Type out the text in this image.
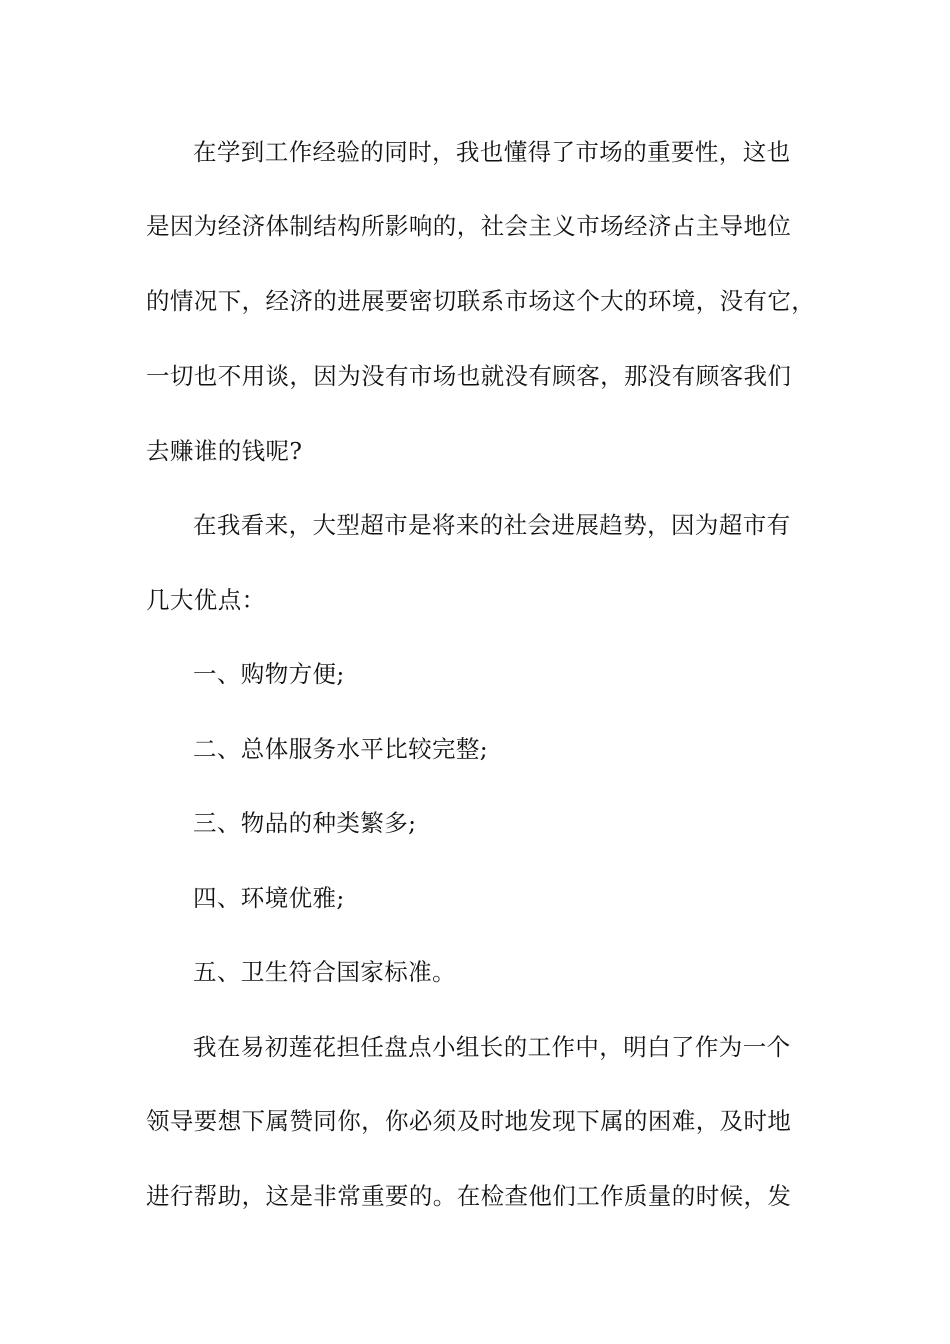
在学到工作经验的同时，我也懂得了市场的重要性，这也
是因为经济体制结构所影响的，社会主义市场经济占主导地位
的情况下，经济的进展要密切联系市场这个大的环境，没有它，
一切也不用谈，因为没有市场也就没有顾客，那没有顾客我们
去赚谁的钱呢?
在我看来，大型超市是将来的社会进展趋势，因为超市有
几大优点：
一、购物方便;
二、总体服务水平比较完整;
三、物品的种类繁多;
四、环境优雅;
五、卫生符合国家标准。
我在易初莲花担任盘点小组长的工作中，明白了作为一个
领导要想下属赞同你，你必须及时地发现下属的困难，及时地
进行帮助，这是非常重要的。在检查他们工作质量的时候，发
